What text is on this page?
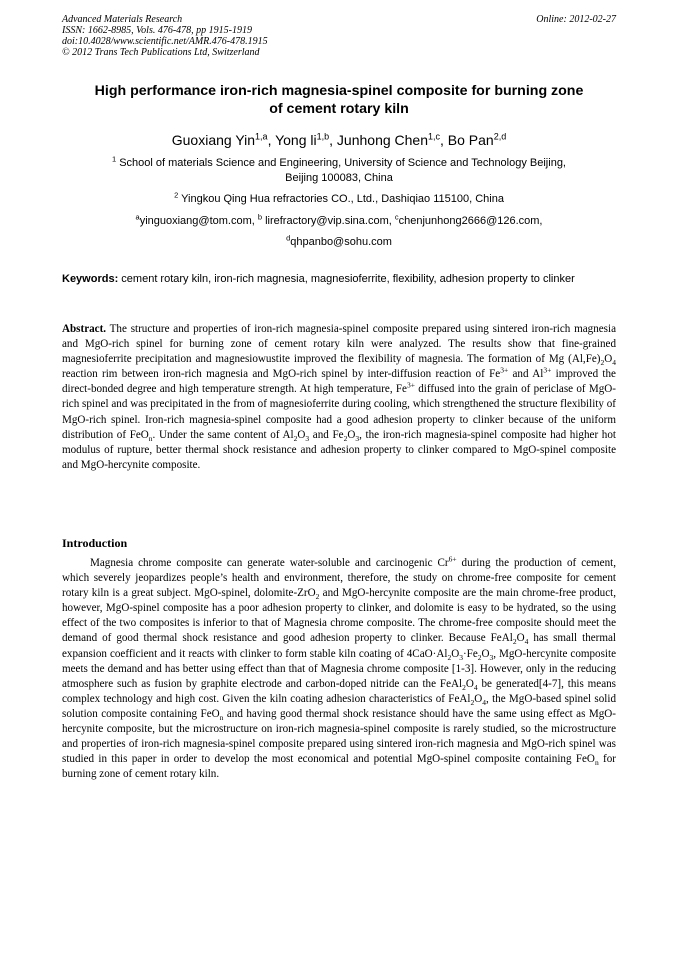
Advanced Materials Research
ISSN: 1662-8985, Vols. 476-478, pp 1915-1919
doi:10.4028/www.scientific.net/AMR.476-478.1915
© 2012 Trans Tech Publications Ltd, Switzerland
Online: 2012-02-27
High performance iron-rich magnesia-spinel composite for burning zone
of cement rotary kiln
Guoxiang Yin$^{1,a}$, Yong li$^{1,b}$, Junhong Chen$^{1,c}$, Bo Pan$^{2,d}$
$^1$ School of materials Science and Engineering, University of Science and Technology Beijing,
Beijing 100083, China
$^2$ Yingkou Qing Hua refractories CO., Ltd., Dashiqiao 115100, China
$^a$yinguoxiang@tom.com, $^b$ lirefractory@vip.sina.com, $^c$chenjunhong2666@126.com,
$^d$qhpanbo@sohu.com
Keywords: cement rotary kiln, iron-rich magnesia, magnesioferrite, flexibility, adhesion property to clinker
Abstract. The structure and properties of iron-rich magnesia-spinel composite prepared using sintered iron-rich magnesia and MgO-rich spinel for burning zone of cement rotary kiln were analyzed. The results show that fine-grained magnesioferrite precipitation and magnesiowustite improved the flexibility of magnesia. The formation of Mg $(Al,Fe)_2O_4$ reaction rim between iron-rich magnesia and MgO-rich spinel by inter-diffusion reaction of $Fe^{3+}$ and $Al^{3+}$ improved the direct-bonded degree and high temperature strength. At high temperature, $Fe^{3+}$ diffused into the grain of periclase of MgO-rich spinel and was precipitated in the from of magnesioferrite during cooling, which strengthened the structure flexibility of MgO-rich spinel. Iron-rich magnesia-spinel composite had a good adhesion property to clinker because of the uniform distribution of FeO$_n$. Under the same content of $Al_2O_3$ and $Fe_2O_3$, the iron-rich magnesia-spinel composite had higher hot modulus of rupture, better thermal shock resistance and adhesion property to clinker compared to MgO-spinel composite and MgO-hercynite composite.
Introduction
Magnesia chrome composite can generate water-soluble and carcinogenic $Cr^{6+}$ during the production of cement, which severely jeopardizes people’s health and environment, therefore, the study on chrome-free composite for cement rotary kiln is a great subject. MgO-spinel, dolomite-ZrO$_2$ and MgO-hercynite composite are the main chrome-free product, however, MgO-spinel composite has a poor adhesion property to clinker, and dolomite is easy to be hydrated, so the using effect of the two composites is inferior to that of Magnesia chrome composite. The chrome-free composite should meet the demand of good thermal shock resistance and good adhesion property to clinker. Because $FeAl_2O_4$ has small thermal expansion coefficient and it reacts with clinker to form stable kiln coating of $4CaO\cdot Al_2O_3\cdot Fe_2O_3$, MgO-hercynite composite meets the demand and has better using effect than that of Magnesia chrome composite [1-3]. However, only in the reducing atmosphere such as fusion by graphite electrode and carbon-doped nitride can the $FeAl_2O_4$ be generated[4-7], this means complex technology and high cost. Given the kiln coating adhesion characteristics of $FeAl_2O_4$, the MgO-based spinel solid solution composite containing FeO$_n$ and having good thermal shock resistance should have the same using effect as MgO-hercynite composite, but the microstructure on iron-rich magnesia-spinel composite is rarely studied, so the microstructure and properties of iron-rich magnesia-spinel composite prepared using sintered iron-rich magnesia and MgO-rich spinel was studied in this paper in order to develop the most economical and potential MgO-spinel composite containing FeO$_n$ for burning zone of cement rotary kiln.
